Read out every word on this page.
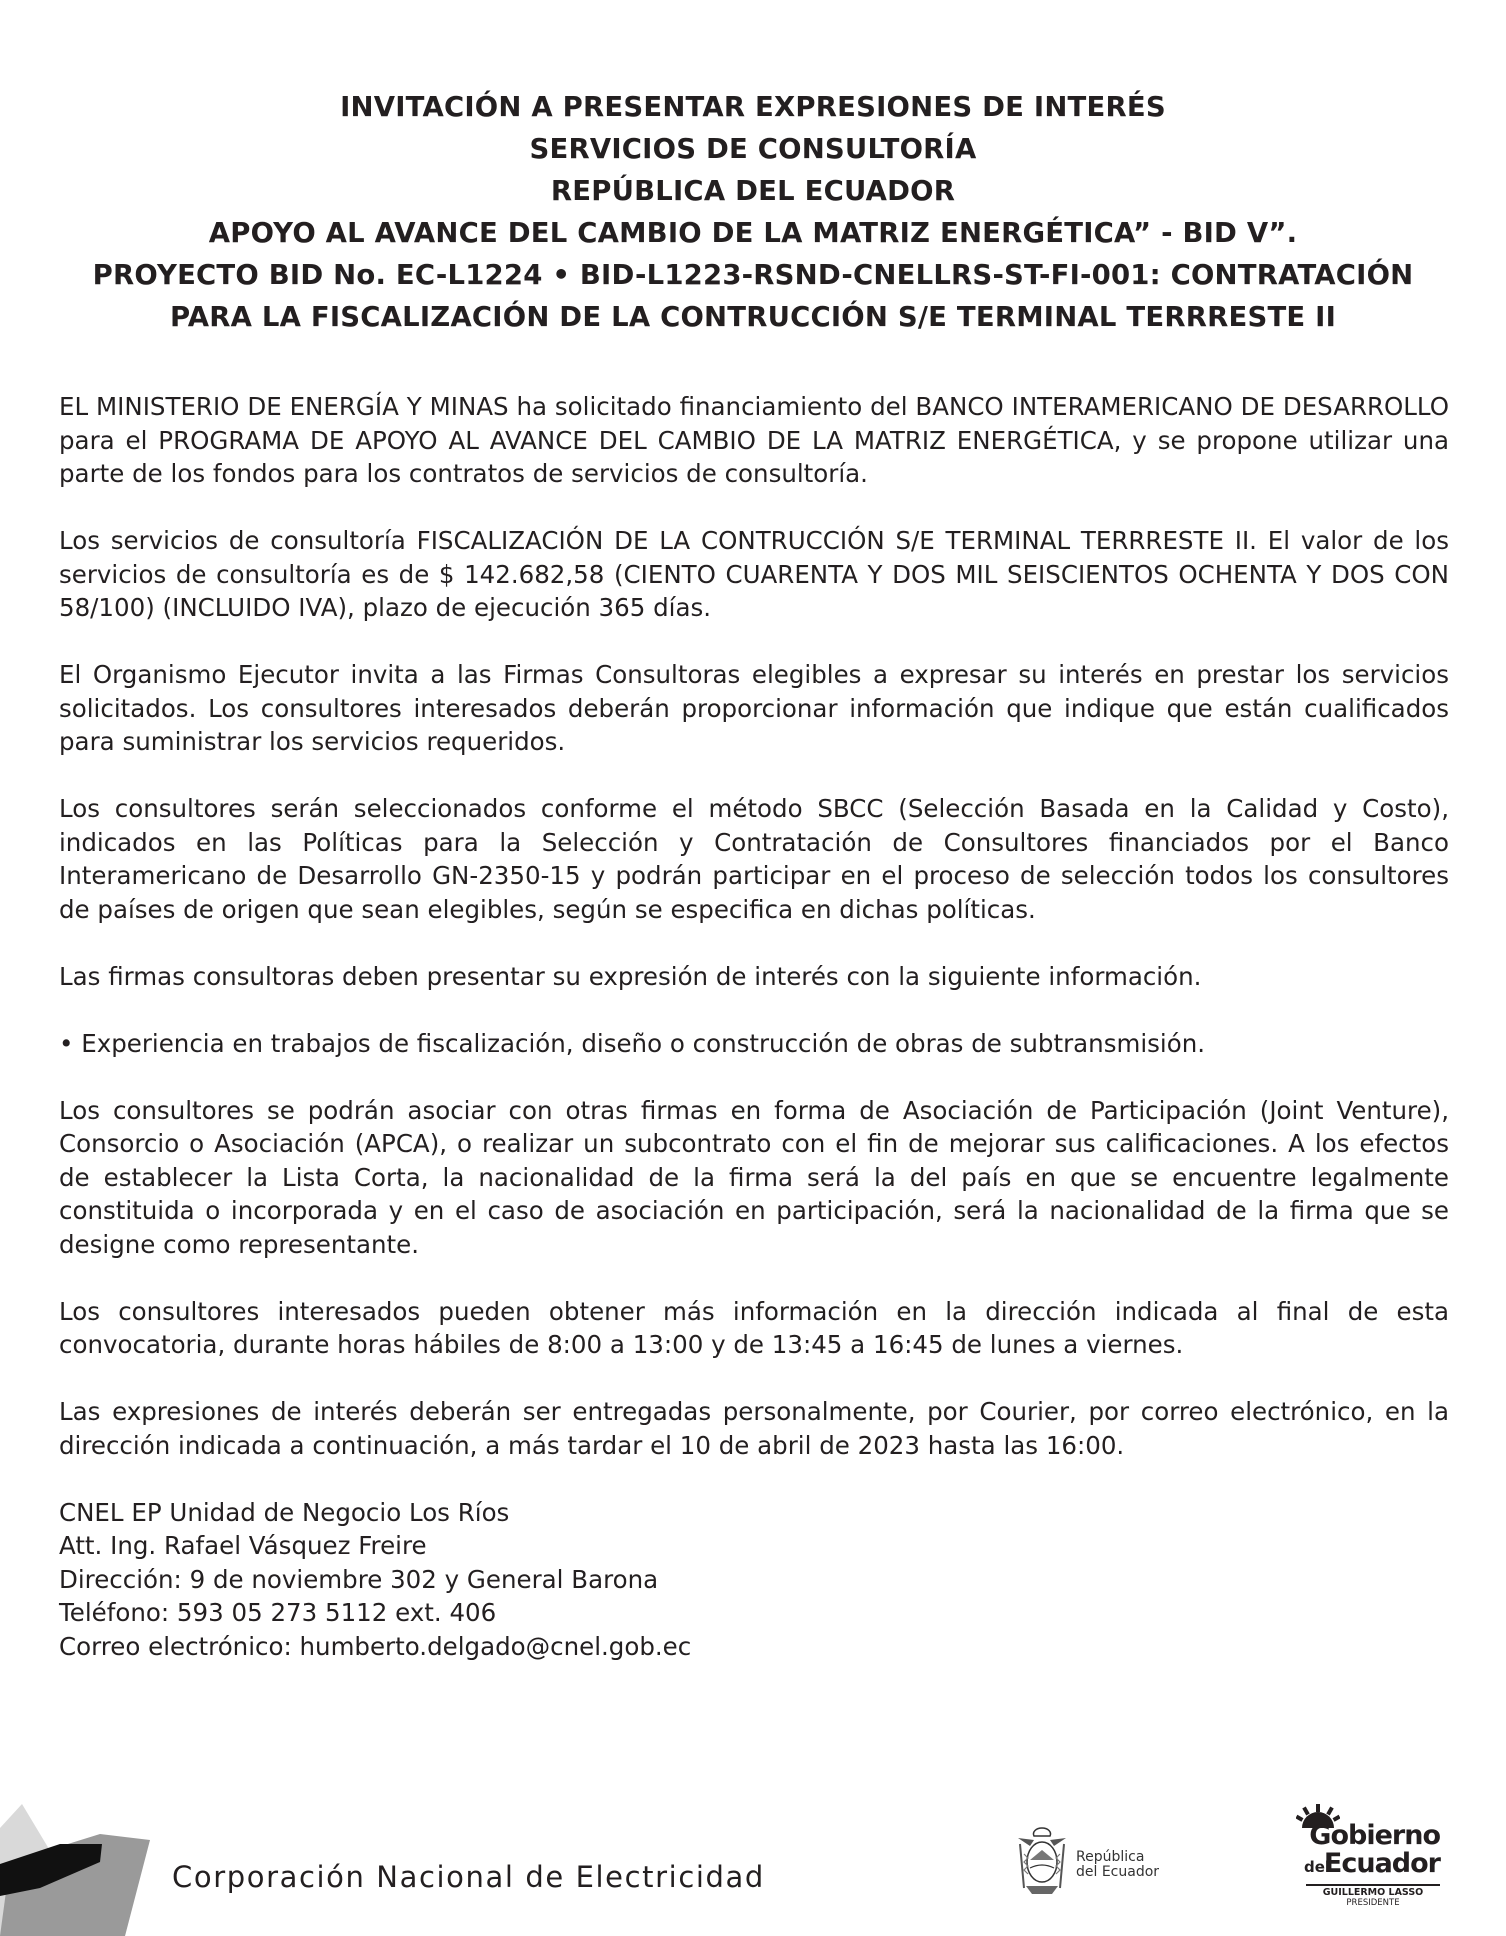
INVITACIÓN A PRESENTAR EXPRESIONES DE INTERÉS
SERVICIOS DE CONSULTORÍA
REPÚBLICA DEL ECUADOR
APOYO AL AVANCE DEL CAMBIO DE LA MATRIZ ENERGÉTICA” - BID V”.
PROYECTO BID No. EC-L1224 • BID-L1223-RSND-CNELLRS-ST-FI-001: CONTRATACIÓN
PARA LA FISCALIZACIÓN DE LA CONTRUCCIÓN S/E TERMINAL TERRRESTE II

EL MINISTERIO DE ENERGÍA Y MINAS ha solicitado financiamiento del BANCO INTERAMERICANO DE DESARROLLO para el PROGRAMA DE APOYO AL AVANCE DEL CAMBIO DE LA MATRIZ ENERGÉTICA, y se propone utilizar una parte de los fondos para los contratos de servicios de consultoría.

Los servicios de consultoría FISCALIZACIÓN DE LA CONTRUCCIÓN S/E TERMINAL TERRRESTE II. El valor de los servicios de consultoría es de $ 142.682,58 (CIENTO CUARENTA Y DOS MIL SEISCIENTOS OCHENTA Y DOS CON 58/100) (INCLUIDO IVA), plazo de ejecución 365 días.

El Organismo Ejecutor invita a las Firmas Consultoras elegibles a expresar su interés en prestar los servicios solicitados. Los consultores interesados deberán proporcionar información que indique que están cualificados para suministrar los servicios requeridos.

Los consultores serán seleccionados conforme el método SBCC (Selección Basada en la Calidad y Costo), indicados en las Políticas para la Selección y Contratación de Consultores financiados por el Banco Interamericano de Desarrollo GN-2350-15 y podrán participar en el proceso de selección todos los consultores de países de origen que sean elegibles, según se especifica en dichas políticas.

Las firmas consultoras deben presentar su expresión de interés con la siguiente información.

• Experiencia en trabajos de fiscalización, diseño o construcción de obras de subtransmisión.

Los consultores se podrán asociar con otras firmas en forma de Asociación de Participación (Joint Venture), Consorcio o Asociación (APCA), o realizar un subcontrato con el fin de mejorar sus calificaciones. A los efectos de establecer la Lista Corta, la nacionalidad de la firma será la del país en que se encuentre legalmente constituida o incorporada y en el caso de asociación en participación, será la nacionalidad de la firma que se designe como representante.

Los consultores interesados pueden obtener más información en la dirección indicada al final de esta convocatoria, durante horas hábiles de 8:00 a 13:00 y de 13:45 a 16:45 de lunes a viernes.

Las expresiones de interés deberán ser entregadas personalmente, por Courier, por correo electrónico, en la dirección indicada a continuación, a más tardar el 10 de abril de 2023 hasta las 16:00.

CNEL EP Unidad de Negocio Los Ríos
Att. Ing. Rafael Vásquez Freire
Dirección: 9 de noviembre 302 y General Barona
Teléfono: 593 05 273 5112 ext. 406
Correo electrónico: humberto.delgado@cnel.gob.ec
Corporación Nacional de Electricidad
República
del Ecuador
Gobierno
del
Ecuador
GUILLERMO LASSO
PRESIDENTE
